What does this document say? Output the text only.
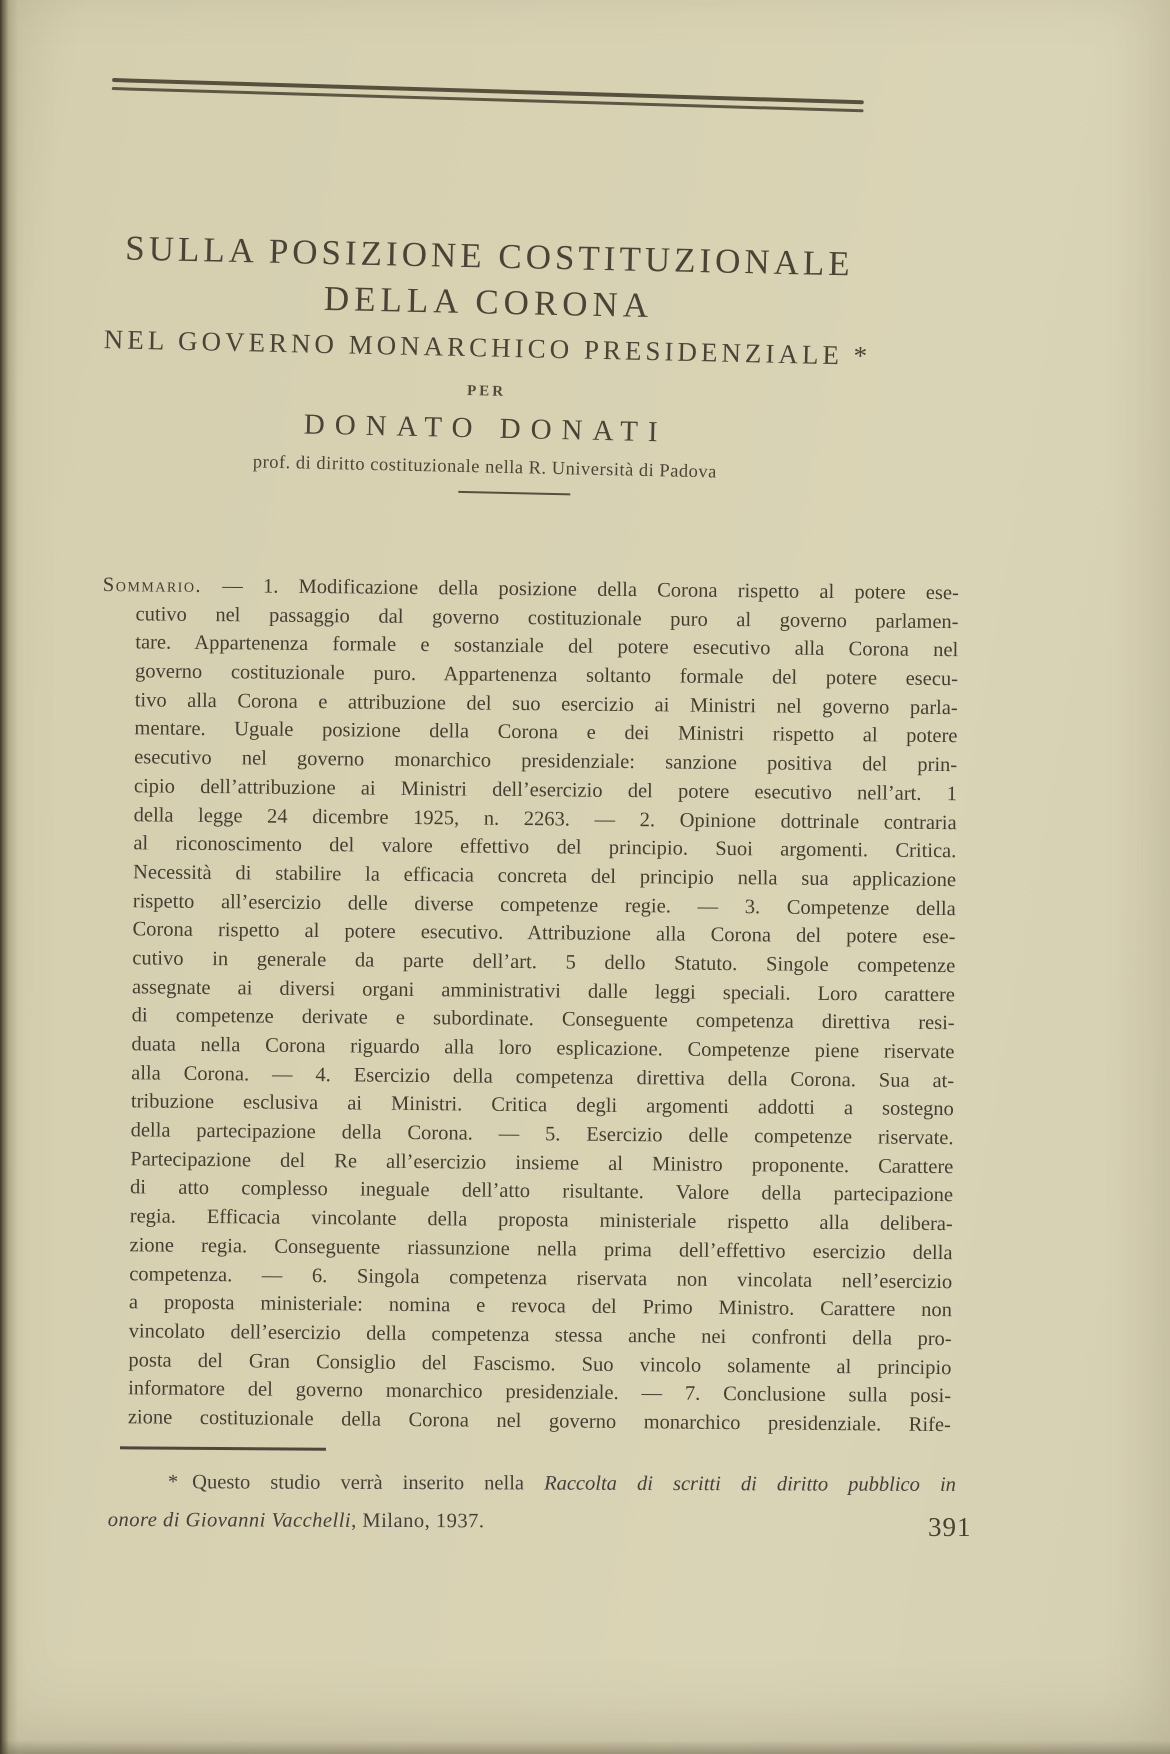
SULLA POSIZIONE COSTITUZIONALE
DELLA CORONA
NEL GOVERNO MONARCHICO PRESIDENZIALE *
PER
DONATO DONATI
prof. di diritto costituzionale nella R. Università di Padova
Sommario. — 1. Modificazione della posizione della Corona rispetto al potere ese-
cutivo nel passaggio dal governo costituzionale puro al governo parlamen-
tare. Appartenenza formale e sostanziale del potere esecutivo alla Corona nel
governo costituzionale puro. Appartenenza soltanto formale del potere esecu-
tivo alla Corona e attribuzione del suo esercizio ai Ministri nel governo parla-
mentare. Uguale posizione della Corona e dei Ministri rispetto al potere
esecutivo nel governo monarchico presidenziale: sanzione positiva del prin-
cipio dell’attribuzione ai Ministri dell’esercizio del potere esecutivo nell’art. 1
della legge 24 dicembre 1925, n. 2263. — 2. Opinione dottrinale contraria
al riconoscimento del valore effettivo del principio. Suoi argomenti. Critica.
Necessità di stabilire la efficacia concreta del principio nella sua applicazione
rispetto all’esercizio delle diverse competenze regie. — 3. Competenze della
Corona rispetto al potere esecutivo. Attribuzione alla Corona del potere ese-
cutivo in generale da parte dell’art. 5 dello Statuto. Singole competenze
assegnate ai diversi organi amministrativi dalle leggi speciali. Loro carattere
di competenze derivate e subordinate. Conseguente competenza direttiva resi-
duata nella Corona riguardo alla loro esplicazione. Competenze piene riservate
alla Corona. — 4. Esercizio della competenza direttiva della Corona. Sua at-
tribuzione esclusiva ai Ministri. Critica degli argomenti addotti a sostegno
della partecipazione della Corona. — 5. Esercizio delle competenze riservate.
Partecipazione del Re all’esercizio insieme al Ministro proponente. Carattere
di atto complesso ineguale dell’atto risultante. Valore della partecipazione
regia. Efficacia vincolante della proposta ministeriale rispetto alla delibera-
zione regia. Conseguente riassunzione nella prima dell’effettivo esercizio della
competenza. — 6. Singola competenza riservata non vincolata nell’esercizio
a proposta ministeriale: nomina e revoca del Primo Ministro. Carattere non
vincolato dell’esercizio della competenza stessa anche nei confronti della pro-
posta del Gran Consiglio del Fascismo. Suo vincolo solamente al principio
informatore del governo monarchico presidenziale. — 7. Conclusione sulla posi-
zione costituzionale della Corona nel governo monarchico presidenziale. Rife-
* Questo studio verrà inserito nella Raccolta di scritti di diritto pubblico in
onore di Giovanni Vacchelli, Milano, 1937.	391
